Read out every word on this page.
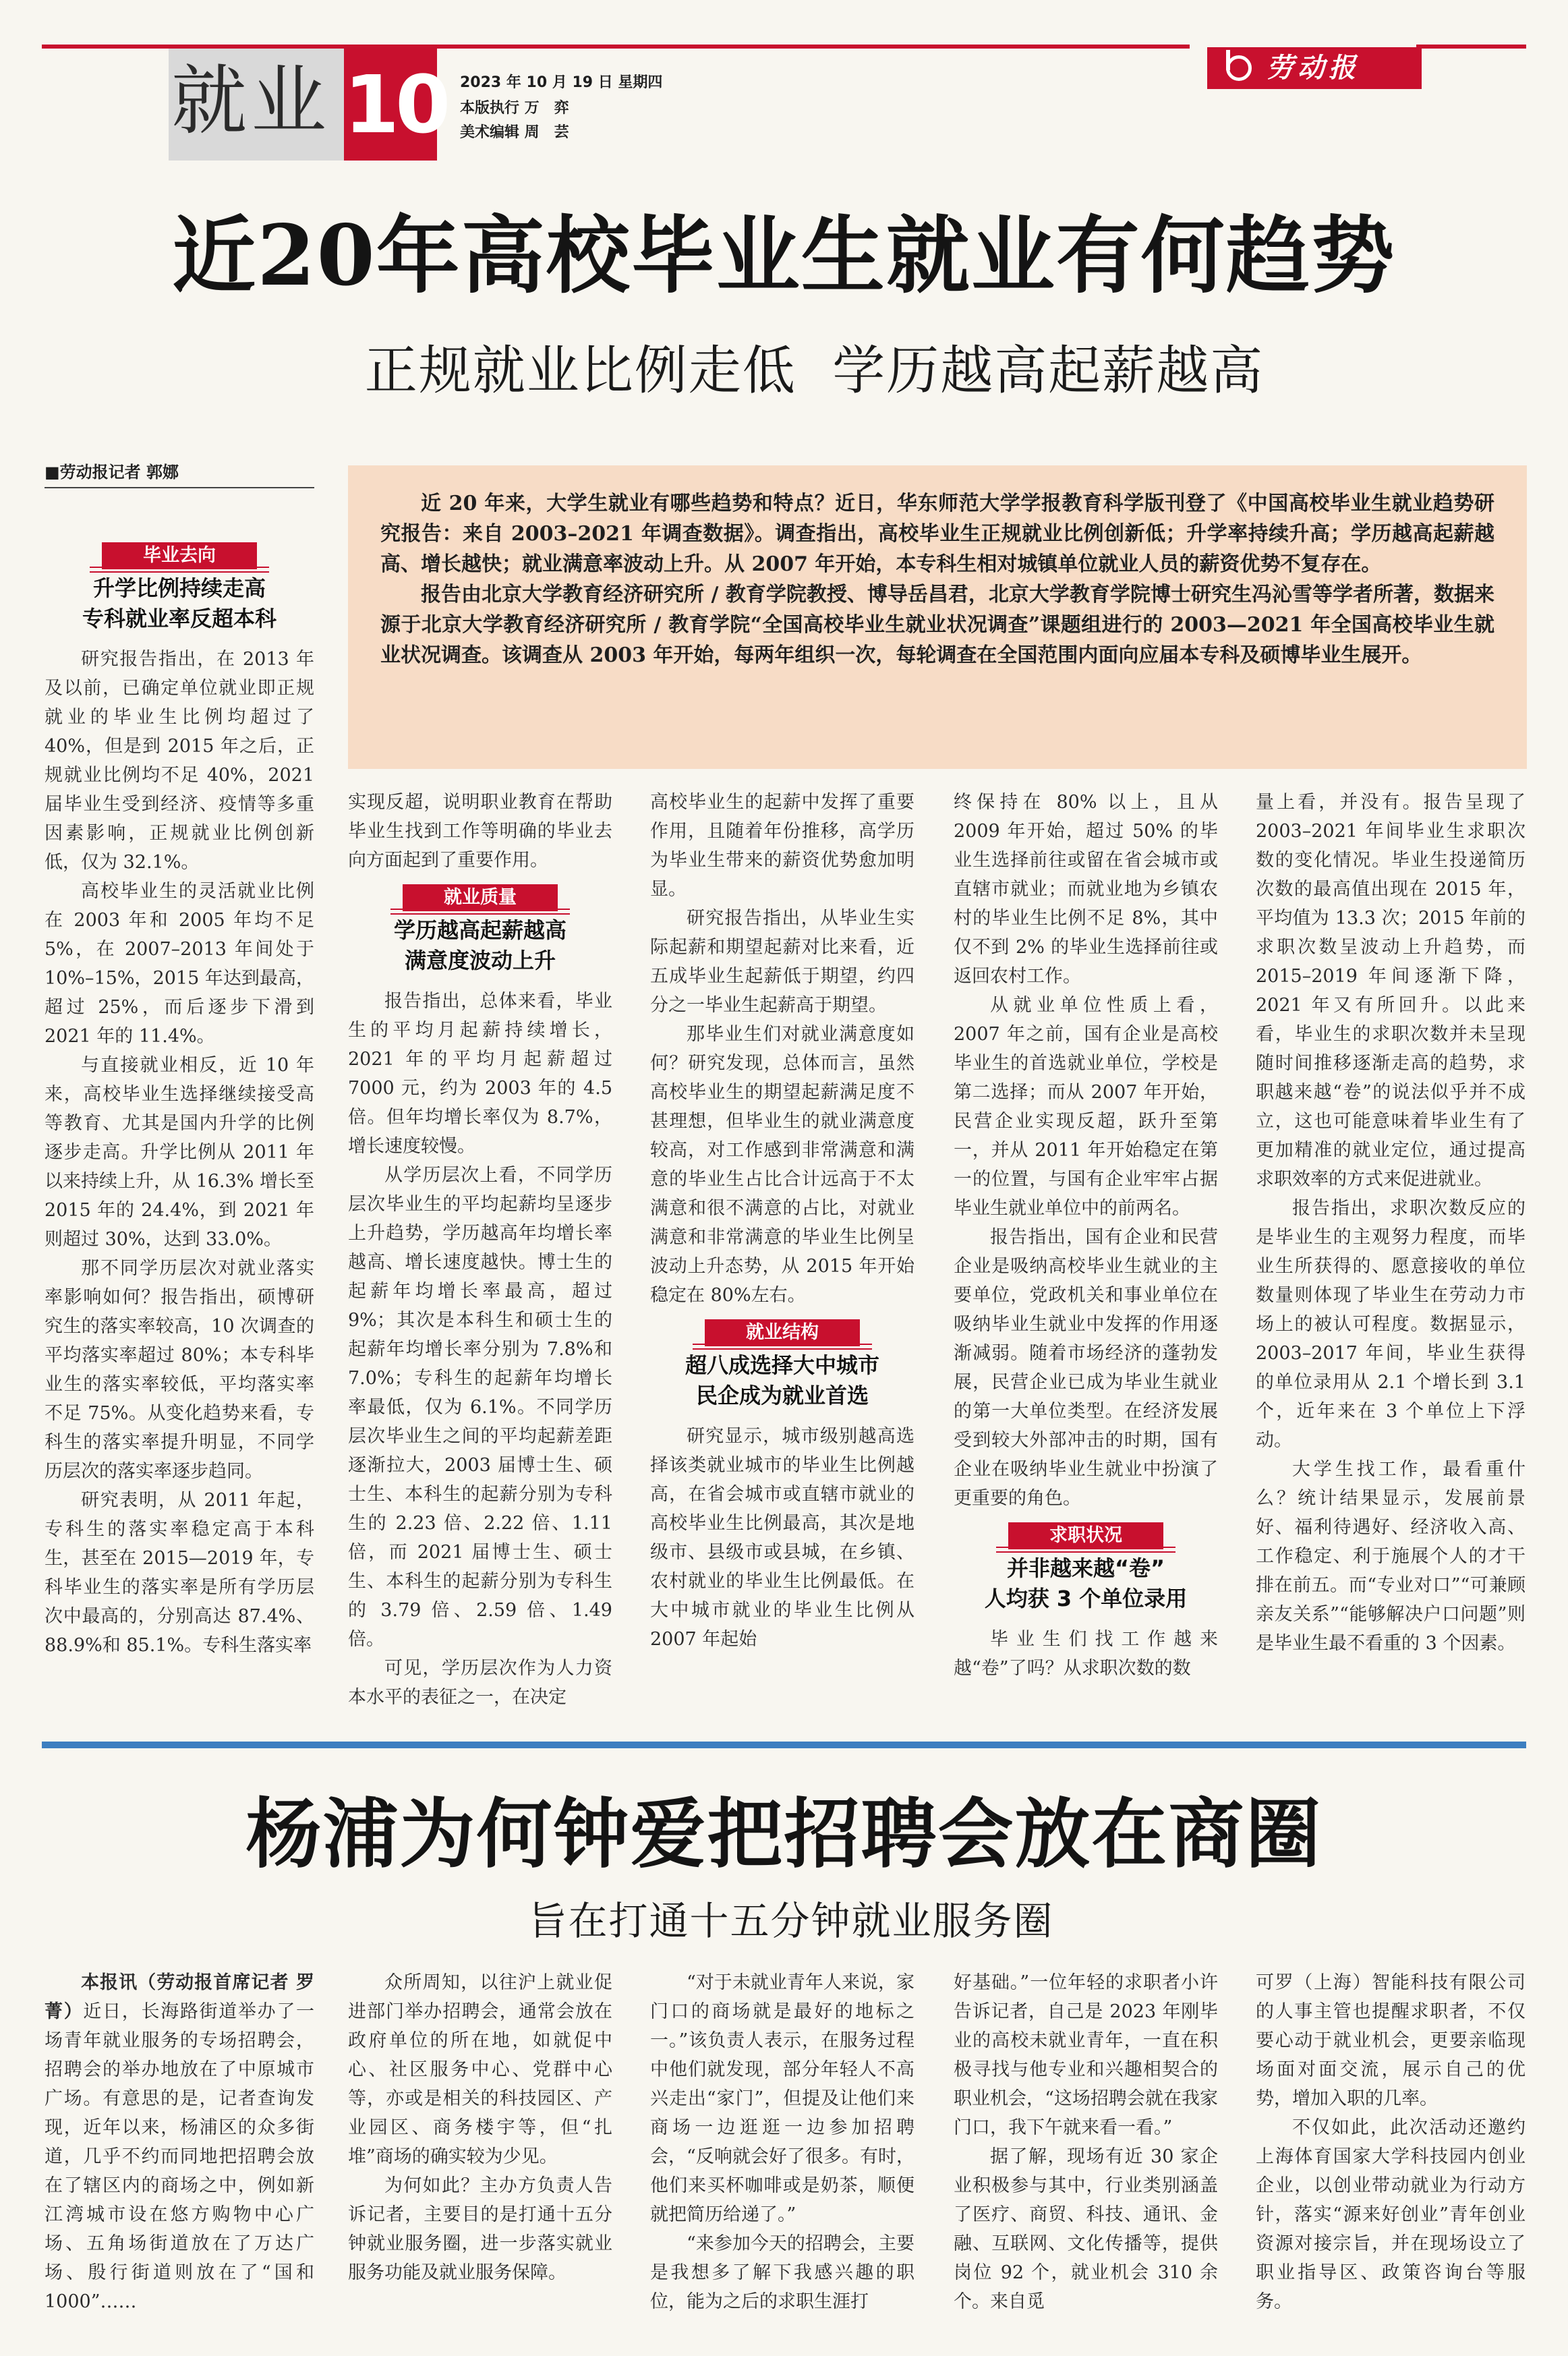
就业 10 2023 年 10 月 19 日 星期四
本版执行 万　弈
美术编辑 周　芸
劳动报
近20年高校毕业生就业有何趋势
正规就业比例走低  学历越高起薪越高
■劳动报记者 郭娜

近 20 年来，大学生就业有哪些趋势和特点？近日，华东师范大学学报教育科学版刊登了《中国高校毕业生就业趋势研究报告：来自 2003–2021 年调查数据》。调查指出，高校毕业生正规就业比例创新低；升学率持续升高；学历越高起薪越高、增长越快；就业满意率波动上升。从 2007 年开始，本专科生相对城镇单位就业人员的薪资优势不复存在。

报告由北京大学教育经济研究所 / 教育学院教授、博导岳昌君，北京大学教育学院博士研究生冯沁雪等学者所著，数据来源于北京大学教育经济研究所 / 教育学院“全国高校毕业生就业状况调查”课题组进行的 2003—2021 年全国高校毕业生就业状况调查。该调查从 2003 年开始，每两年组织一次，每轮调查在全国范围内面向应届本专科及硕博毕业生展开。

毕业去向
升学比例持续走高
专科就业率反超本科

研究报告指出，在 2013 年及以前，已确定单位就业即正规就业的毕业生比例均超过了 40%，但是到 2015 年之后，正规就业比例均不足 40%，2021 届毕业生受到经济、疫情等多重因素影响，正规就业比例创新低，仅为 32.1%。

高校毕业生的灵活就业比例在 2003 年和 2005 年均不足 5%，在 2007–2013 年间处于 10%–15%，2015 年达到最高，超过 25%，而后逐步下滑到 2021 年的 11.4%。

与直接就业相反，近 10 年来，高校毕业生选择继续接受高等教育、尤其是国内升学的比例逐步走高。升学比例从 2011 年以来持续上升，从 16.3% 增长至 2015 年的 24.4%，到 2021 年则超过 30%，达到 33.0%。

那不同学历层次对就业落实率影响如何？报告指出，硕博研究生的落实率较高，10 次调查的平均落实率超过 80%；本专科毕业生的落实率较低，平均落实率不足 75%。从变化趋势来看，专科生的落实率提升明显，不同学历层次的落实率逐步趋同。

研究表明，从 2011 年起，专科生的落实率稳定高于本科生，甚至在 2015—2019 年，专科毕业生的落实率是所有学历层次中最高的，分别高达 87.4%、88.9%和 85.1%。专科生落实率

实现反超，说明职业教育在帮助毕业生找到工作等明确的毕业去向方面起到了重要作用。

就业质量
学历越高起薪越高
满意度波动上升

报告指出，总体来看，毕业生的平均月起薪持续增长，2021 年的平均月起薪超过 7000 元，约为 2003 年的 4.5 倍。但年均增长率仅为 8.7%，增长速度较慢。

从学历层次上看，不同学历层次毕业生的平均起薪均呈逐步上升趋势，学历越高年均增长率越高、增长速度越快。博士生的起薪年均增长率最高，超过 9%；其次是本科生和硕士生的起薪年均增长率分别为 7.8%和 7.0%；专科生的起薪年均增长率最低，仅为 6.1%。不同学历层次毕业生之间的平均起薪差距逐渐拉大，2003 届博士生、硕士生、本科生的起薪分别为专科生的 2.23 倍、2.22 倍、1.11 倍，而 2021 届博士生、硕士生、本科生的起薪分别为专科生的 3.79 倍、2.59 倍、1.49 倍。

可见，学历层次作为人力资本水平的表征之一，在决定

高校毕业生的起薪中发挥了重要作用，且随着年份推移，高学历为毕业生带来的薪资优势愈加明显。

研究报告指出，从毕业生实际起薪和期望起薪对比来看，近五成毕业生起薪低于期望，约四分之一毕业生起薪高于期望。

那毕业生们对就业满意度如何？研究发现，总体而言，虽然高校毕业生的期望起薪满足度不甚理想，但毕业生的就业满意度较高，对工作感到非常满意和满意的毕业生占比合计远高于不太满意和很不满意的占比，对就业满意和非常满意的毕业生比例呈波动上升态势，从 2015 年开始稳定在 80%左右。

就业结构
超八成选择大中城市
民企成为就业首选

研究显示，城市级别越高选择该类就业城市的毕业生比例越高，在省会城市或直辖市就业的高校毕业生比例最高，其次是地级市、县级市或县城，在乡镇、农村就业的毕业生比例最低。在大中城市就业的毕业生比例从 2007 年起始

终保持在 80% 以上，且从 2009 年开始，超过 50% 的毕业生选择前往或留在省会城市或直辖市就业；而就业地为乡镇农村的毕业生比例不足 8%，其中仅不到 2% 的毕业生选择前往或返回农村工作。

从就业单位性质上看，2007 年之前，国有企业是高校毕业生的首选就业单位，学校是第二选择；而从 2007 年开始，民营企业实现反超，跃升至第一，并从 2011 年开始稳定在第一的位置，与国有企业牢牢占据毕业生就业单位中的前两名。

报告指出，国有企业和民营企业是吸纳高校毕业生就业的主要单位，党政机关和事业单位在吸纳毕业生就业中发挥的作用逐渐减弱。随着市场经济的蓬勃发展，民营企业已成为毕业生就业的第一大单位类型。在经济发展受到较大外部冲击的时期，国有企业在吸纳毕业生就业中扮演了更重要的角色。

求职状况
并非越来越“卷”
人均获 3 个单位录用

毕业生们找工作越来越“卷”了吗？从求职次数的数

量上看，并没有。报告呈现了 2003–2021 年间毕业生求职次数的变化情况。毕业生投递简历次数的最高值出现在 2015 年，平均值为 13.3 次；2015 年前的求职次数呈波动上升趋势，而 2015–2019 年间逐渐下降，2021 年又有所回升。以此来看，毕业生的求职次数并未呈现随时间推移逐渐走高的趋势，求职越来越“卷”的说法似乎并不成立，这也可能意味着毕业生有了更加精准的就业定位，通过提高求职效率的方式来促进就业。

报告指出，求职次数反应的是毕业生的主观努力程度，而毕业生所获得的、愿意接收的单位数量则体现了毕业生在劳动力市场上的被认可程度。数据显示，2003–2017 年间，毕业生获得的单位录用从 2.1 个增长到 3.1 个，近年来在 3 个单位上下浮动。

大学生找工作，最看重什么？统计结果显示，发展前景好、福利待遇好、经济收入高、工作稳定、利于施展个人的才干排在前五。而“专业对口”“可兼顾亲友关系”“能够解决户口问题”则是毕业生最不看重的 3 个因素。

杨浦为何钟爱把招聘会放在商圈
旨在打通十五分钟就业服务圈

本报讯（劳动报首席记者 罗菁）近日，长海路街道举办了一场青年就业服务的专场招聘会，招聘会的举办地放在了中原城市广场。有意思的是，记者查询发现，近年以来，杨浦区的众多街道，几乎不约而同地把招聘会放在了辖区内的商场之中，例如新江湾城市设在悠方购物中心广场、五角场街道放在了万达广场、殷行街道则放在了“国和 1000”……

众所周知，以往沪上就业促进部门举办招聘会，通常会放在政府单位的所在地，如就促中心、社区服务中心、党群中心等，亦或是相关的科技园区、产业园区、商务楼宇等，但“扎堆”商场的确实较为少见。

为何如此？主办方负责人告诉记者，主要目的是打通十五分钟就业服务圈，进一步落实就业服务功能及就业服务保障。

“对于未就业青年人来说，家门口的商场就是最好的地标之一。”该负责人表示，在服务过程中他们就发现，部分年轻人不高兴走出“家门”，但提及让他们来商场一边逛逛一边参加招聘会，“反响就会好了很多。有时，他们来买杯咖啡或是奶茶，顺便就把简历给递了。”

“来参加今天的招聘会，主要是我想多了解下我感兴趣的职位，能为之后的求职生涯打

好基础。”一位年轻的求职者小许告诉记者，自己是 2023 年刚毕业的高校未就业青年，一直在积极寻找与他专业和兴趣相契合的职业机会，“这场招聘会就在我家门口，我下午就来看一看。”

据了解，现场有近 30 家企业积极参与其中，行业类别涵盖了医疗、商贸、科技、通讯、金融、互联网、文化传播等，提供岗位 92 个，就业机会 310 余个。来自觅

可罗（上海）智能科技有限公司的人事主管也提醒求职者，不仅要心动于就业机会，更要亲临现场面对面交流，展示自己的优势，增加入职的几率。

不仅如此，此次活动还邀约上海体育国家大学科技园内创业企业，以创业带动就业为行动方针，落实“源来好创业”青年创业资源对接宗旨，并在现场设立了职业指导区、政策咨询台等服务。
